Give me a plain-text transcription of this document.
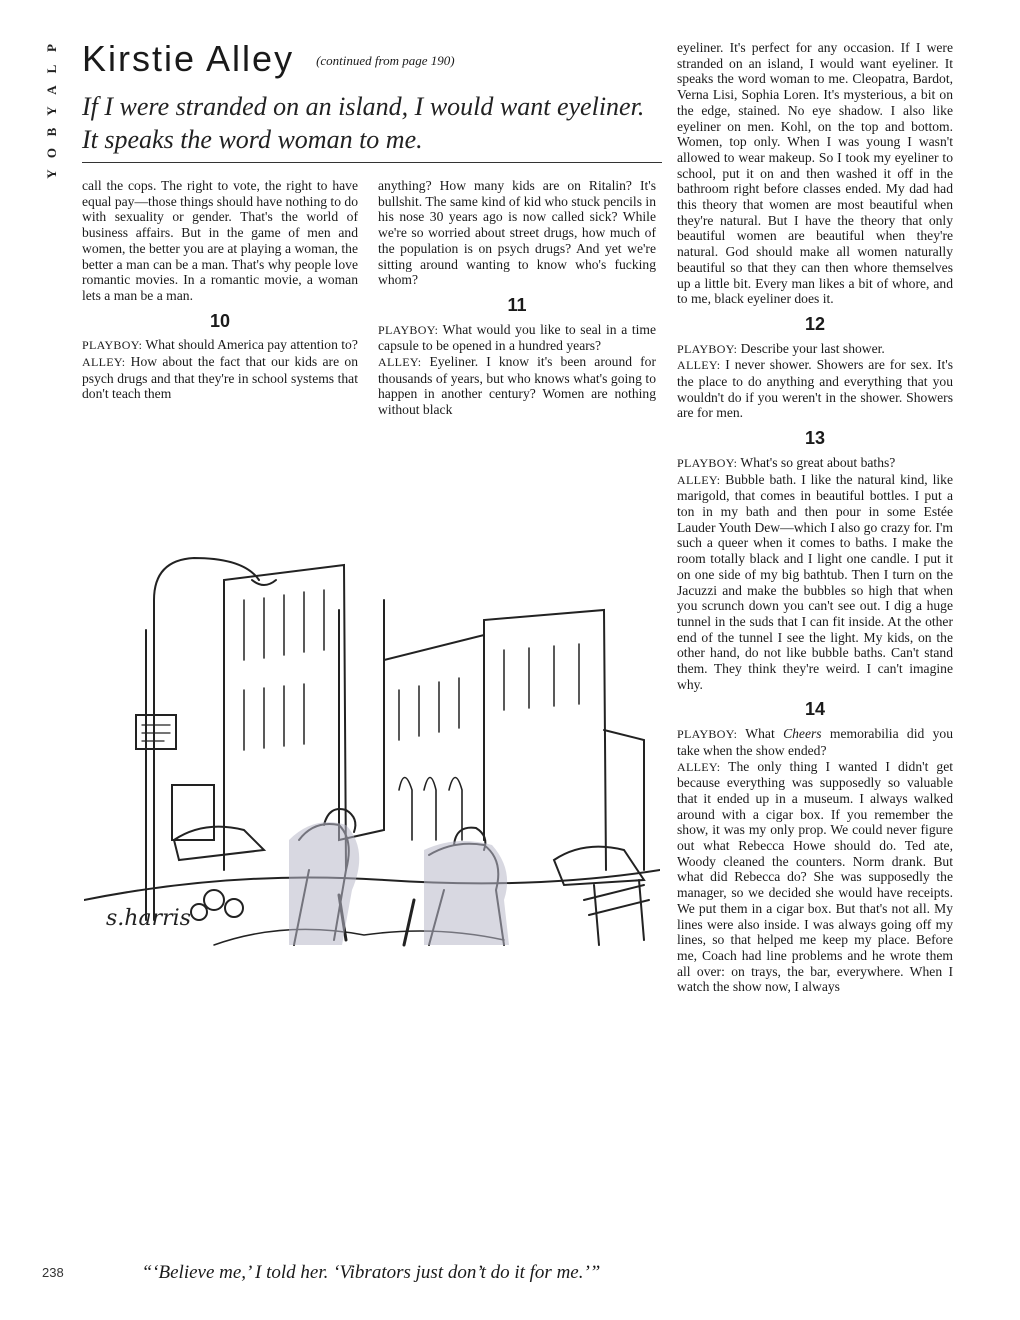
P
L
A
Y
B
O
Y
Kirstie Alley (continued from page 190)
If I were stranded on an island, I would want eyeliner. It speaks the word woman to me.

call the cops. The right to vote, the right to have equal pay—those things should have nothing to do with sexuality or gender. That's the world of business affairs. But in the game of men and women, the better you are at playing a woman, the better a man can be a man. That's why people love romantic movies. In a romantic movie, a woman lets a man be a man.

10

PLAYBOY: What should America pay attention to?

ALLEY: How about the fact that our kids are on psych drugs and that they're in school systems that don't teach them

anything? How many kids are on Ritalin? It's bullshit. The same kind of kid who stuck pencils in his nose 30 years ago is now called sick? While we're so worried about street drugs, how much of the population is on psych drugs? And yet we're sitting around wanting to know who's fucking whom?

11

PLAYBOY: What would you like to seal in a time capsule to be opened in a hundred years?

ALLEY: Eyeliner. I know it's been around for thousands of years, but who knows what's going to happen in another century? Women are nothing without black

eyeliner. It's perfect for any occasion. If I were stranded on an island, I would want eyeliner. It speaks the word woman to me. Cleopatra, Bardot, Verna Lisi, Sophia Loren. It's mysterious, a bit on the edge, stained. No eye shadow. I also like eyeliner on men. Kohl, on the top and bottom. Women, top only. When I was young I wasn't allowed to wear makeup. So I took my eyeliner to school, put it on and then washed it off in the bathroom right before classes ended. My dad had this theory that women are most beautiful when they're natural. But I have the theory that only beautiful women are beautiful when they're natural. God should make all women naturally beautiful so that they can then whore themselves up a little bit. Every man likes a bit of whore, and to me, black eyeliner does it.

12

PLAYBOY: Describe your last shower.

ALLEY: I never shower. Showers are for sex. It's the place to do anything and everything that you wouldn't do if you weren't in the shower. Showers are for men.

13

PLAYBOY: What's so great about baths?

ALLEY: Bubble bath. I like the natural kind, like marigold, that comes in beautiful bottles. I put a ton in my bath and then pour in some Estée Lauder Youth Dew—which I also go crazy for. I'm such a queer when it comes to baths. I make the room totally black and I light one candle. I put it on one side of my big bathtub. Then I turn on the Jacuzzi and make the bubbles so high that when you scrunch down you can't see out. I dig a huge tunnel in the suds that I can fit inside. At the other end of the tunnel I see the light. My kids, on the other hand, do not like bubble baths. Can't stand them. They think they're weird. I can't imagine why.

14

PLAYBOY: What Cheers memorabilia did you take when the show ended?

ALLEY: The only thing I wanted I didn't get because everything was supposedly so valuable that it ended up in a museum. I always walked around with a cigar box. If you remember the show, it was my only prop. We could never figure out what Rebecca Howe should do. Ted ate, Woody cleaned the counters. Norm drank. But what did Rebecca do? She was supposedly the manager, so we decided she would have receipts. We put them in a cigar box. But that's not all. My lines were also inside. I was always going off my lines, so that helped me keep my place. Before me, Coach had line problems and he wrote them all over: on trays, the bar, everywhere. When I watch the show now, I always

s.harris
“‘Believe me,’ I told her. ‘Vibrators just don’t do it for me.’”
238
